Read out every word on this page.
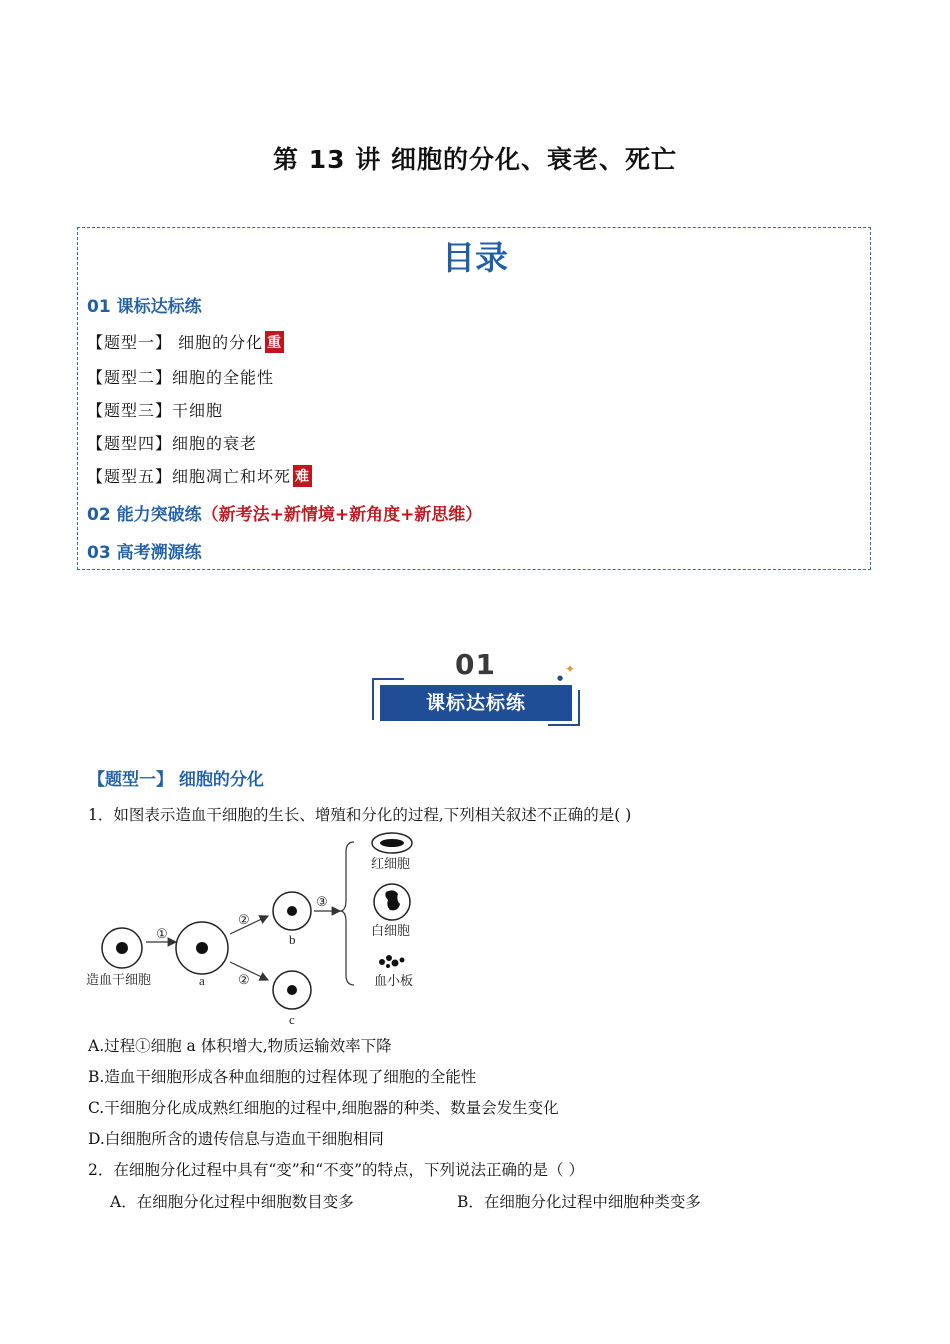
第 13 讲 细胞的分化、衰老、死亡
目录
01 课标达标练
【题型一】 细胞的分化 重
【题型二】细胞的全能性
【题型三】干细胞
【题型四】细胞的衰老
【题型五】细胞凋亡和坏死 难
02 能力突破练（新考法+新情境+新角度+新思维）
03 高考溯源练
01
课标达标练
✦
●
【题型一】 细胞的分化
1．如图表示造血干细胞的生长、增殖和分化的过程,下列相关叙述不正确的是( )
①
②
②
③
a
b
c
造血干细胞
红细胞
白细胞
血小板
A.过程①细胞 a 体积增大,物质运输效率下降
B.造血干细胞形成各种血细胞的过程体现了细胞的全能性
C.干细胞分化成成熟红细胞的过程中,细胞器的种类、数量会发生变化
D.白细胞所含的遗传信息与造血干细胞相同
2．在细胞分化过程中具有“变”和“不变”的特点，下列说法正确的是（ ）
A．在细胞分化过程中细胞数目变多	B．在细胞分化过程中细胞种类变多
